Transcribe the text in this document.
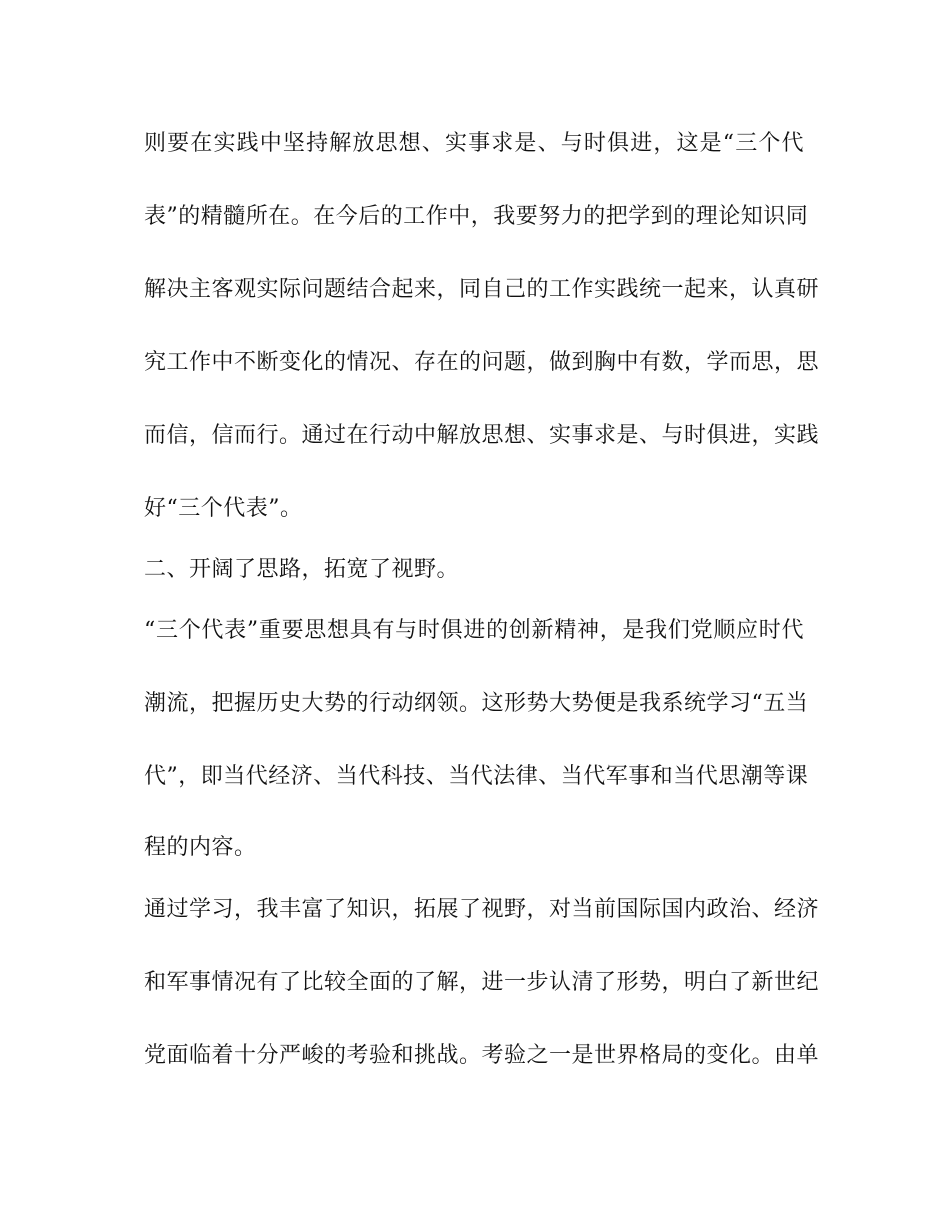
则要在实践中坚持解放思想、实事求是、与时俱进，这是“三个代
表”的精髓所在。在今后的工作中，我要努力的把学到的理论知识同
解决主客观实际问题结合起来，同自己的工作实践统一起来，认真研
究工作中不断变化的情况、存在的问题，做到胸中有数，学而思，思
而信，信而行。通过在行动中解放思想、实事求是、与时俱进，实践
好“三个代表”。
二、开阔了思路，拓宽了视野。
“三个代表”重要思想具有与时俱进的创新精神，是我们党顺应时代
潮流，把握历史大势的行动纲领。这形势大势便是我系统学习“五当
代”，即当代经济、当代科技、当代法律、当代军事和当代思潮等课
程的内容。
通过学习，我丰富了知识，拓展了视野，对当前国际国内政治、经济
和军事情况有了比较全面的了解，进一步认清了形势，明白了新世纪
党面临着十分严峻的考验和挑战。考验之一是世界格局的变化。由单
